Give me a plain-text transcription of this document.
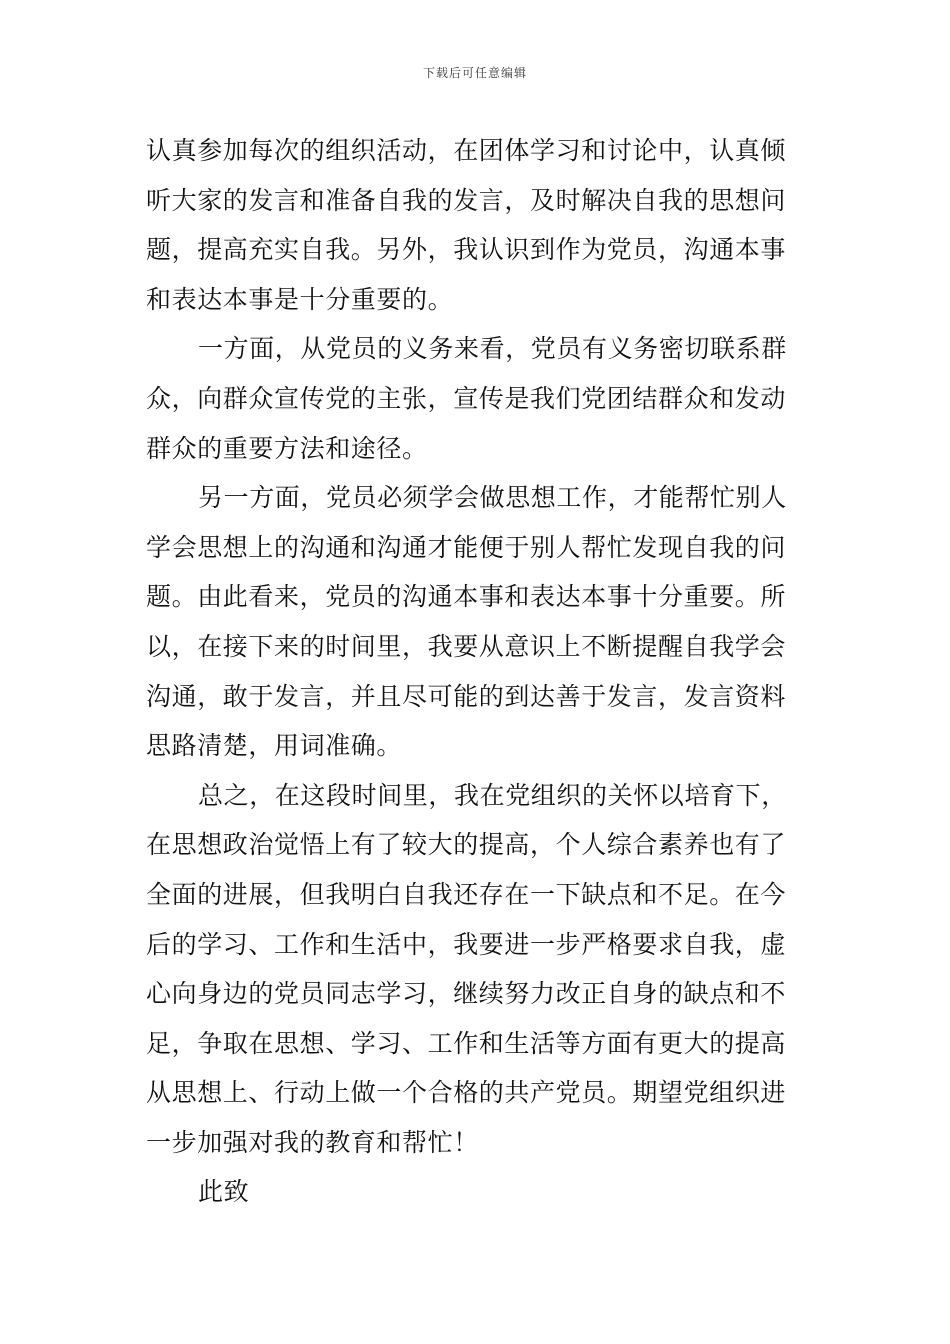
下载后可任意编辑
认真参加每次的组织活动，在团体学习和讨论中，认真倾
听大家的发言和准备自我的发言，及时解决自我的思想问
题，提高充实自我。另外，我认识到作为党员，沟通本事
和表达本事是十分重要的。
一方面，从党员的义务来看，党员有义务密切联系群
众，向群众宣传党的主张，宣传是我们党团结群众和发动
群众的重要方法和途径。
另一方面，党员必须学会做思想工作，才能帮忙别人
学会思想上的沟通和沟通才能便于别人帮忙发现自我的问
题。由此看来，党员的沟通本事和表达本事十分重要。所
以，在接下来的时间里，我要从意识上不断提醒自我学会
沟通，敢于发言，并且尽可能的到达善于发言，发言资料
思路清楚，用词准确。
总之，在这段时间里，我在党组织的关怀以培育下，
在思想政治觉悟上有了较大的提高，个人综合素养也有了
全面的进展，但我明白自我还存在一下缺点和不足。在今
后的学习、工作和生活中，我要进一步严格要求自我，虚
心向身边的党员同志学习，继续努力改正自身的缺点和不
足，争取在思想、学习、工作和生活等方面有更大的提高
从思想上、行动上做一个合格的共产党员。期望党组织进
一步加强对我的教育和帮忙！
此致
